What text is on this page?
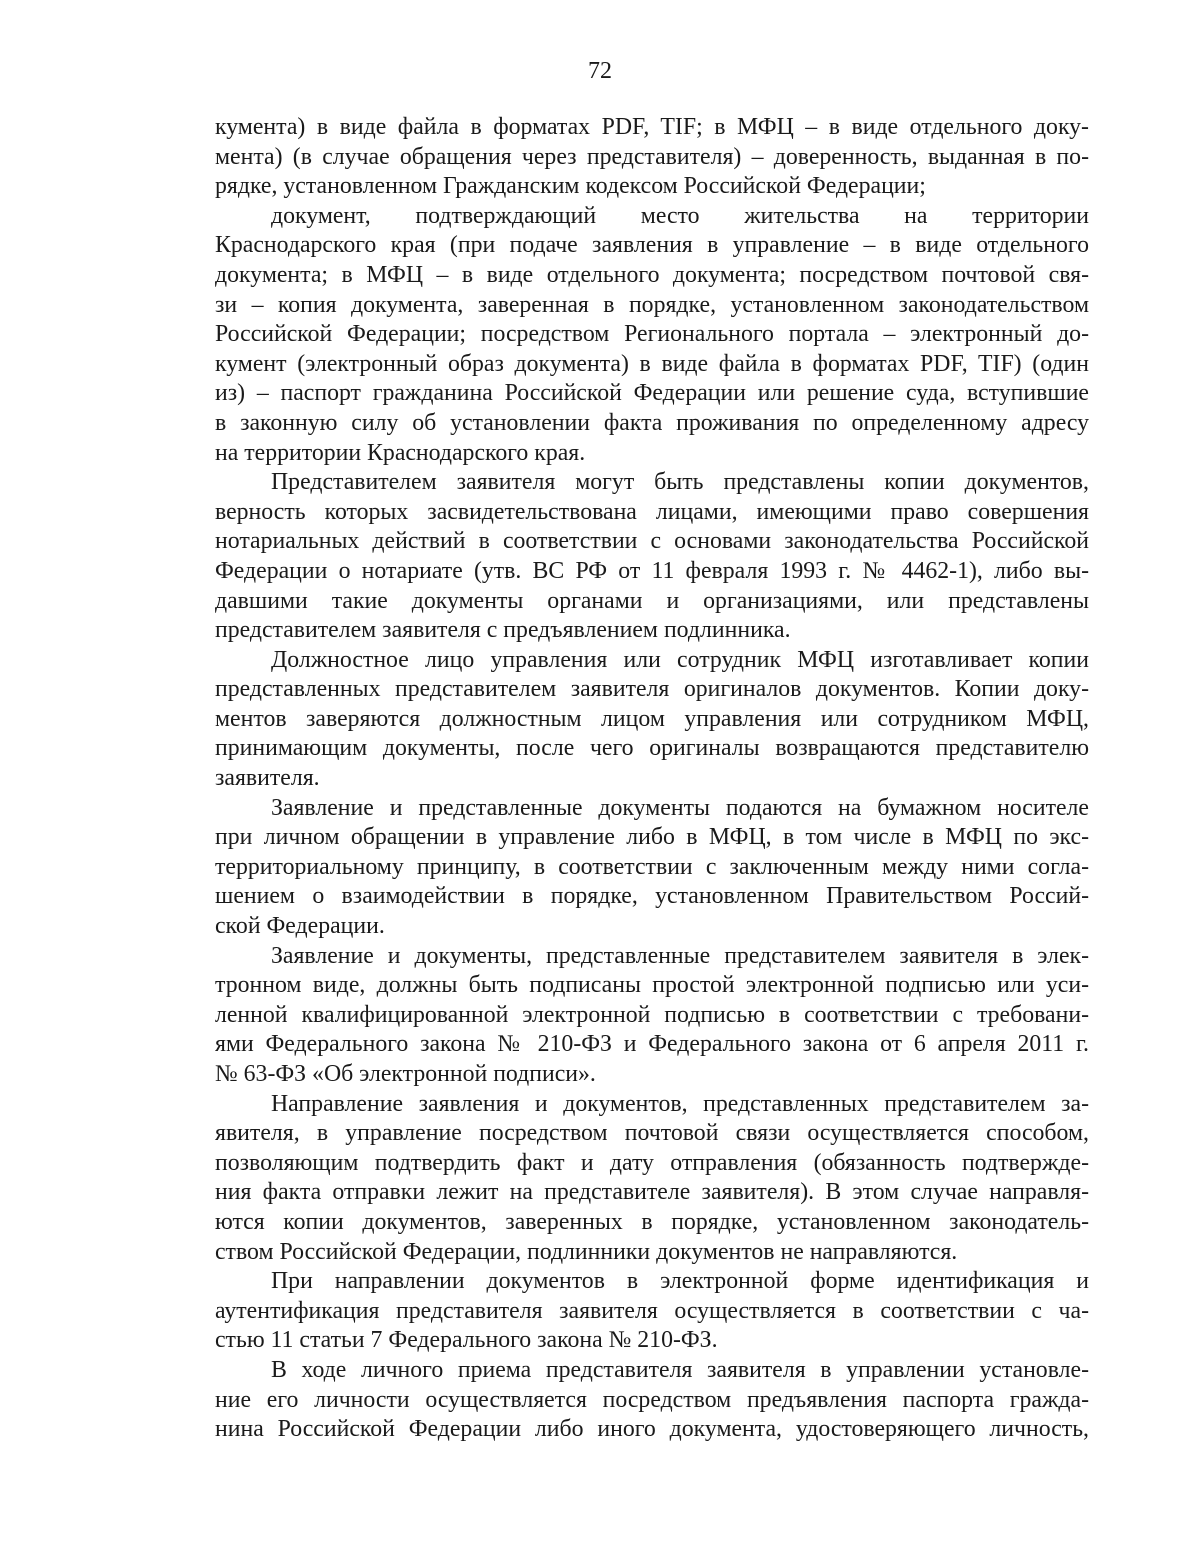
72
кумента) в виде файла в форматах PDF, TIF; в МФЦ – в виде отдельного доку-
мента) (в случае обращения через представителя) – доверенность, выданная в по-
рядке, установленном Гражданским кодексом Российской Федерации;
документ, подтверждающий место жительства на территории
Краснодарского края (при подаче заявления в управление – в виде отдельного
документа; в МФЦ – в виде отдельного документа; посредством почтовой свя-
зи – копия документа, заверенная в порядке, установленном законодательством
Российской Федерации; посредством Регионального портала – электронный до-
кумент (электронный образ документа) в виде файла в форматах PDF, TIF) (один
из) – паспорт гражданина Российской Федерации или решение суда, вступившие
в законную силу об установлении факта проживания по определенному адресу
на территории Краснодарского края.
Представителем заявителя могут быть представлены копии документов,
верность которых засвидетельствована лицами, имеющими право совершения
нотариальных действий в соответствии с основами законодательства Российской
Федерации о нотариате (утв. ВС РФ от 11 февраля 1993 г. № 4462-1), либо вы-
давшими такие документы органами и организациями, или представлены
представителем заявителя с предъявлением подлинника.
Должностное лицо управления или сотрудник МФЦ изготавливает копии
представленных представителем заявителя оригиналов документов. Копии доку-
ментов заверяются должностным лицом управления или сотрудником МФЦ,
принимающим документы, после чего оригиналы возвращаются представителю
заявителя.
Заявление и представленные документы подаются на бумажном носителе
при личном обращении в управление либо в МФЦ, в том числе в МФЦ по экс-
территориальному принципу, в соответствии с заключенным между ними согла-
шением о взаимодействии в порядке, установленном Правительством Россий-
ской Федерации.
Заявление и документы, представленные представителем заявителя в элек-
тронном виде, должны быть подписаны простой электронной подписью или уси-
ленной квалифицированной электронной подписью в соответствии с требовани-
ями Федерального закона № 210-ФЗ и Федерального закона от 6 апреля 2011 г.
№ 63-ФЗ «Об электронной подписи».
Направление заявления и документов, представленных представителем за-
явителя, в управление посредством почтовой связи осуществляется способом,
позволяющим подтвердить факт и дату отправления (обязанность подтвержде-
ния факта отправки лежит на представителе заявителя). В этом случае направля-
ются копии документов, заверенных в порядке, установленном законодатель-
ством Российской Федерации, подлинники документов не направляются.
При направлении документов в электронной форме идентификация и
аутентификация представителя заявителя осуществляется в соответствии с ча-
стью 11 статьи 7 Федерального закона № 210-ФЗ.
В ходе личного приема представителя заявителя в управлении установле-
ние его личности осуществляется посредством предъявления паспорта гражда-
нина Российской Федерации либо иного документа, удостоверяющего личность,
